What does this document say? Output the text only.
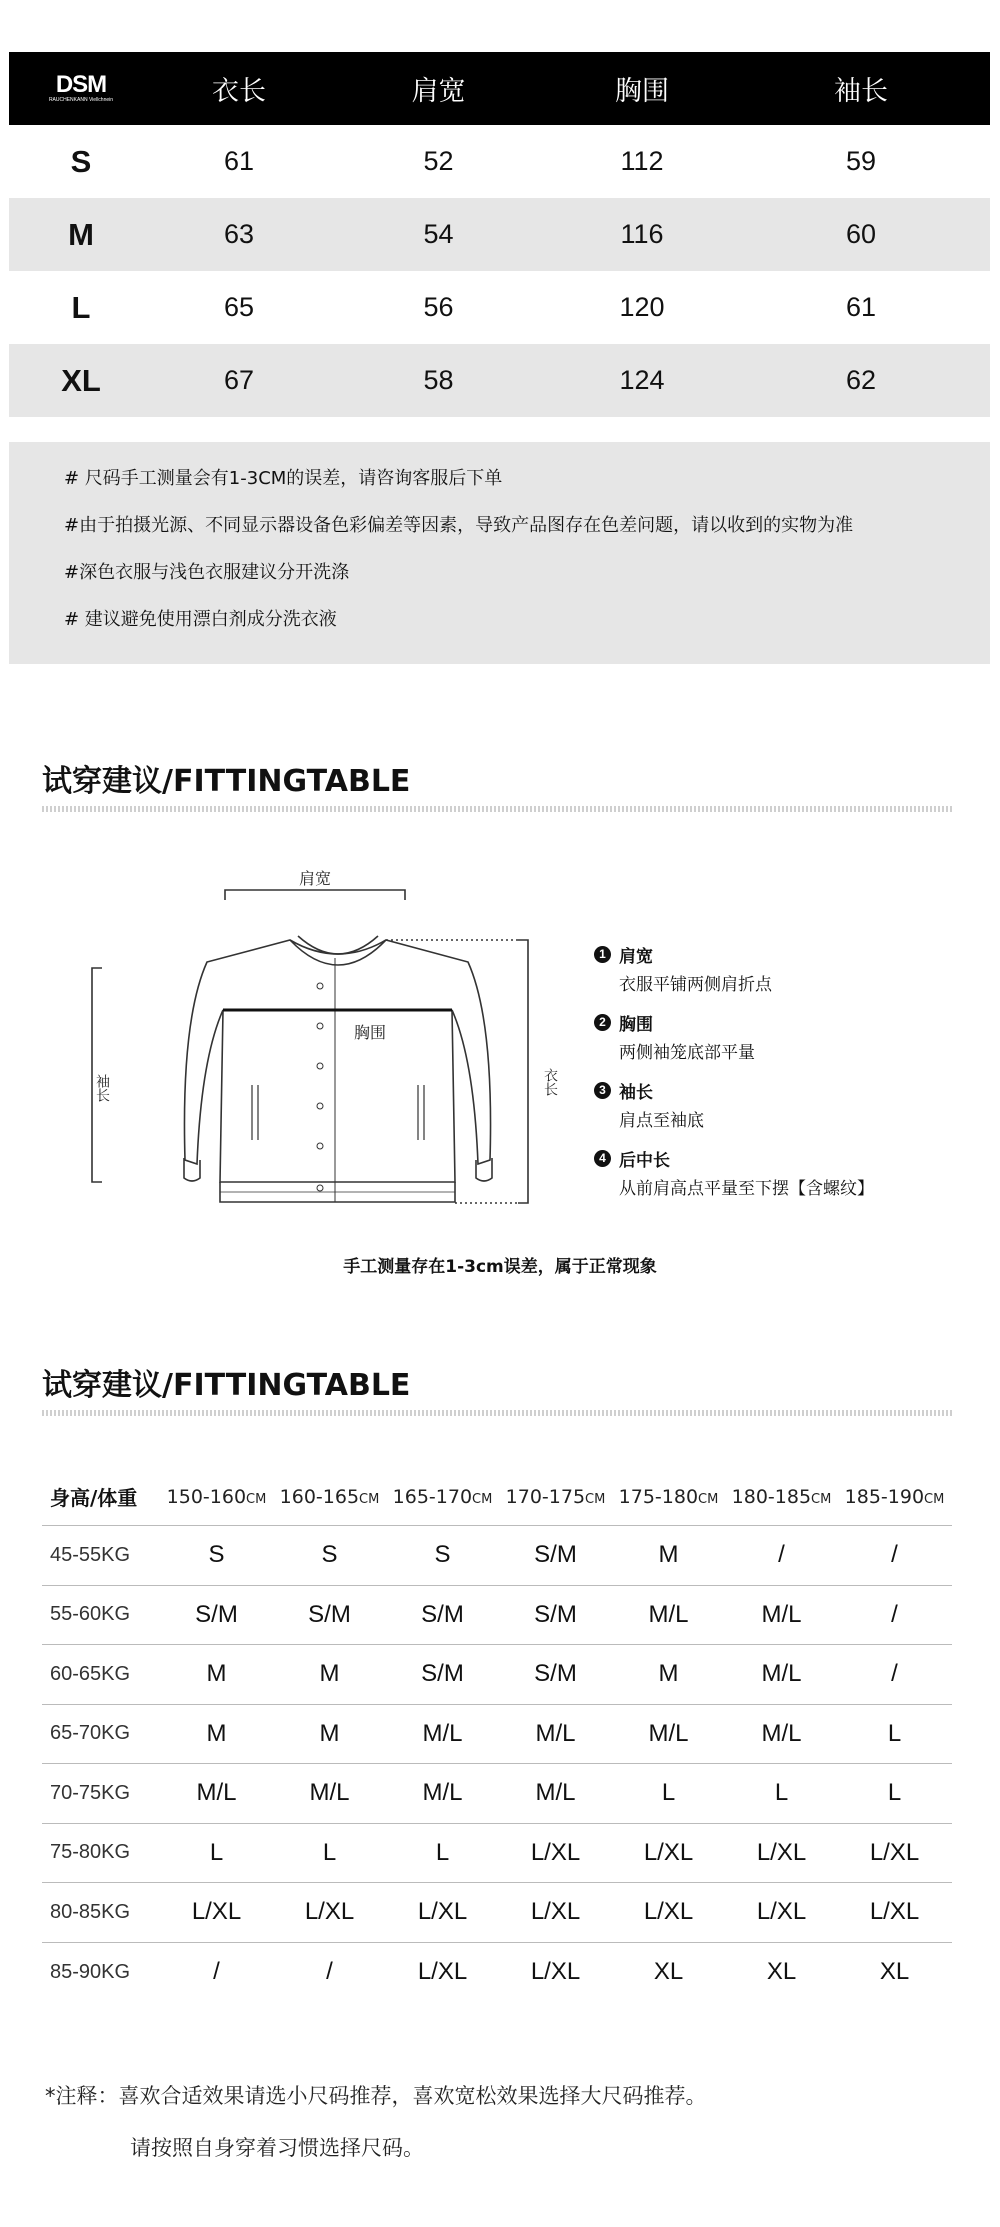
DSM
RAUCHENKANN Viellchnein	衣长	肩宽	胸围	袖长
S	61	52	112	59
M	63	54	116	60
L	65	56	120	61
XL	67	58	124	62
# 尺码手工测量会有1-3CM的误差，请咨询客服后下单
#由于拍摄光源、不同显示器设备色彩偏差等因素，导致产品图存在色差问题，请以收到的实物为准
#深色衣服与浅色衣服建议分开洗涤
# 建议避免使用漂白剂成分洗衣液
试穿建议/FITTINGTABLE
肩宽
胸围
袖长	衣长
1 肩宽
衣服平铺两侧肩折点
2 胸围
两侧袖笼底部平量
3 袖长
肩点至袖底
4 后中长
从前肩高点平量至下摆【含螺纹】
手工测量存在1-3cm误差，属于正常现象
试穿建议/FITTINGTABLE
身高/体重	150-160CM 160-165CM 165-170CM 170-175CM 175-180CM 180-185CM 185-190CM
45-55KG	S	S	S	S/M	M	/	/
55-60KG	S/M	S/M	S/M	S/M	M/L	M/L	/
60-65KG	M	M	S/M	S/M	M	M/L	/
65-70KG	M	M	M/L	M/L	M/L	M/L	L
70-75KG	M/L	M/L	M/L	M/L	L	L	L
75-80KG	L	L	L	L/XL	L/XL	L/XL	L/XL
80-85KG	L/XL	L/XL	L/XL	L/XL	L/XL	L/XL	L/XL
85-90KG	/	/	L/XL	L/XL	XL	XL	XL
*注释：喜欢合适效果请选小尺码推荐，喜欢宽松效果选择大尺码推荐。
请按照自身穿着习惯选择尺码。
